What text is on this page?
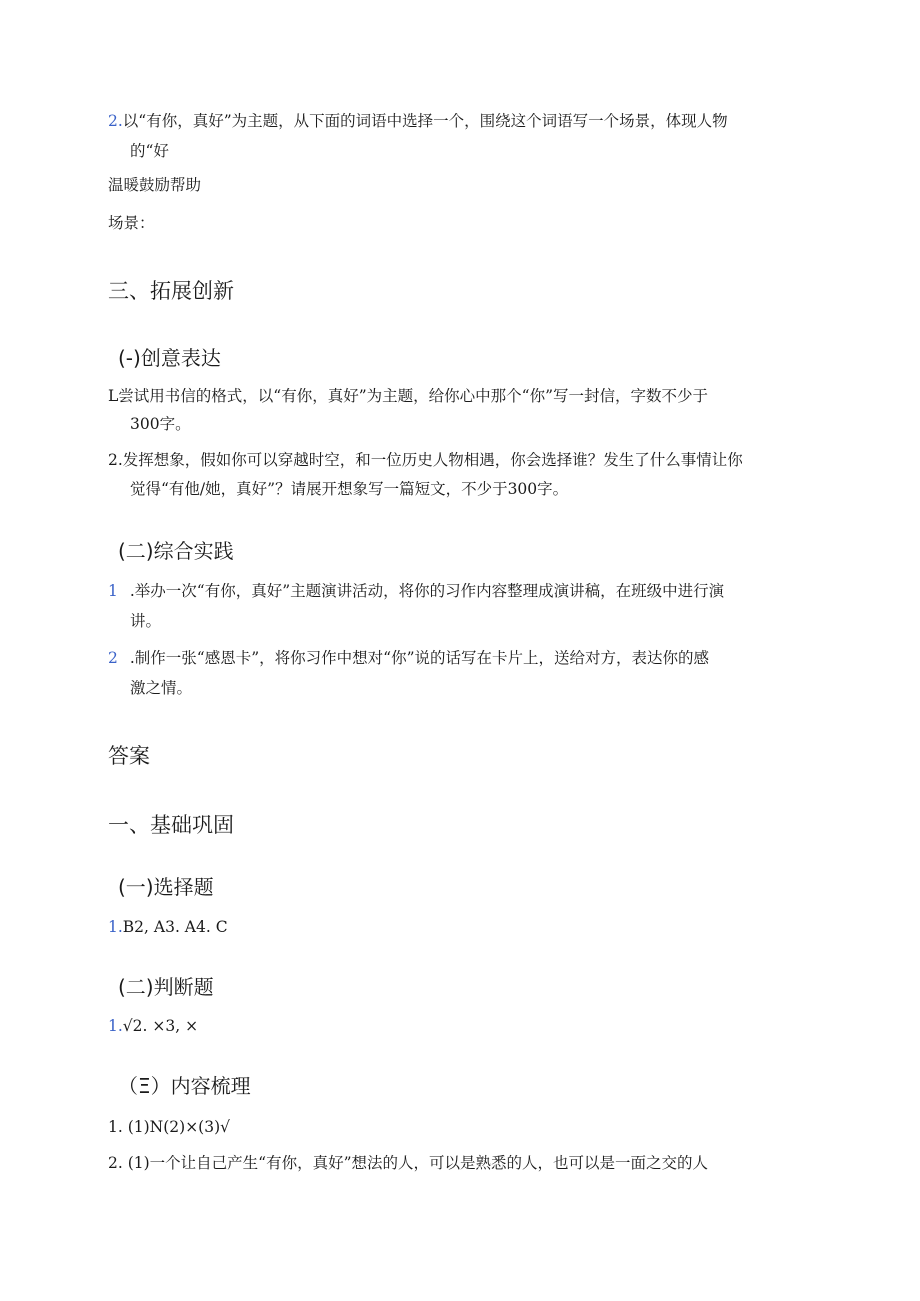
2.以“有你，真好”为主题，从下面的词语中选择一个，围绕这个词语写一个场景，体现人物
的“好
温暖鼓励帮助
场景：
三、拓展创新
(-)创意表达
L尝试用书信的格式，以“有你，真好”为主题，给你心中那个“你”写一封信，字数不少于
300字。
2.发挥想象，假如你可以穿越时空，和一位历史人物相遇，你会选择谁？发生了什么事情让你
觉得“有他/她，真好”？请展开想象写一篇短文，不少于300字。
(二)综合实践
1 .举办一次“有你，真好”主题演讲活动，将你的习作内容整理成演讲稿，在班级中进行演
讲。
2 .制作一张“感恩卡”，将你习作中想对“你”说的话写在卡片上，送给对方，表达你的感
激之情。
答案
一、基础巩固
(一)选择题
1.B2, A3. A4. C
(二)判断题
1.√2. ×3, ×
（Ξ）内容梳理
1. (1)N(2)×(3)√
2. (1)一个让自己产生“有你，真好”想法的人，可以是熟悉的人，也可以是一面之交的人
